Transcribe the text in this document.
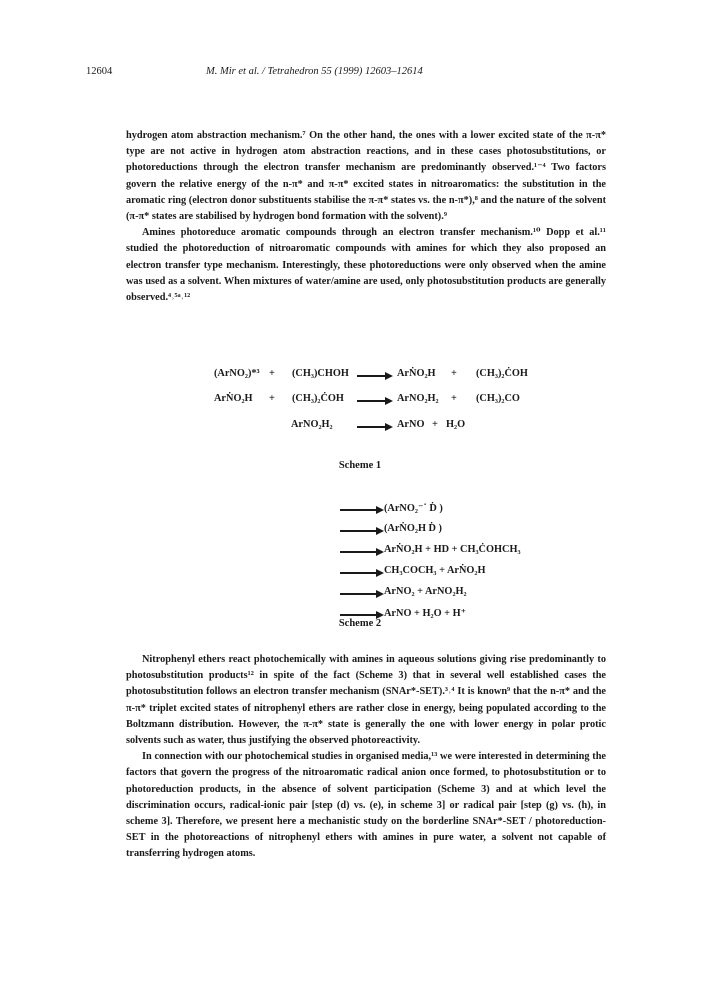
12604	M. Mir et al. / Tetrahedron 55 (1999) 12603–12614

hydrogen atom abstraction mechanism.⁷ On the other hand, the ones with a lower excited state of the π-π* type are not active in hydrogen atom abstraction reactions, and in these cases photosubstitutions, or photoreductions through the electron transfer mechanism are predominantly observed.¹⁻⁴ Two factors govern the relative energy of the n-π* and π-π* excited states in nitroaromatics: the substitution in the aromatic ring (electron donor substituents stabilise the π-π* states vs. the n-π*),⁸ and the nature of the solvent (π-π* states are stabilised by hydrogen bond formation with the solvent).⁹

Amines photoreduce aromatic compounds through an electron transfer mechanism.¹⁰ Dopp et al.¹¹ studied the photoreduction of nitroaromatic compounds with amines for which they also proposed an electron transfer type mechanism. Interestingly, these photoreductions were only observed when the amine was used as a solvent. When mixtures of water/amine are used, only photosubstitution products are generally observed.⁴˒⁵ᵃ˒¹²

(ArNO₂)*³ + (CH₃)CHOH	ArṄO₂H + (CH₃)₂ĊOH
ArṄO₂H + (CH₃)₂ĊOH	ArNO₂H₂ + (CH₃)₂CO
ArNO₂H₂	ArNO + H₂O
Scheme 1
(ArNO₂⁻˙ Ḋ )
(ArṄO₂H Ḋ )
ArṄO₂H + HD + CH₃ĊOHCH₃
CH₃COCH₃ + ArṄO₂H
ArNO₂ + ArNO₂H₂
ArNO + H₂O + H⁺
Scheme 2

Nitrophenyl ethers react photochemically with amines in aqueous solutions giving rise predominantly to photosubstitution products¹² in spite of the fact (Scheme 3) that in several well established cases the photosubstitution follows an electron transfer mechanism (SNAr*-SET).³˒⁴ It is known⁹ that the n-π* and the π-π* triplet excited states of nitrophenyl ethers are rather close in energy, being populated according to the Boltzmann distribution. However, the π-π* state is generally the one with lower energy in polar protic solvents such as water, thus justifying the observed photoreactivity.

In connection with our photochemical studies in organised media,¹³ we were interested in determining the factors that govern the progress of the nitroaromatic radical anion once formed, to photosubstitution or to photoreduction products, in the absence of solvent participation (Scheme 3) and at which level the discrimination occurs, radical-ionic pair [step (d) vs. (e), in scheme 3] or radical pair [step (g) vs. (h), in scheme 3]. Therefore, we present here a mechanistic study on the borderline SNAr*-SET / photoreduction-SET in the photoreactions of nitrophenyl ethers with amines in pure water, a solvent not capable of transferring hydrogen atoms.
